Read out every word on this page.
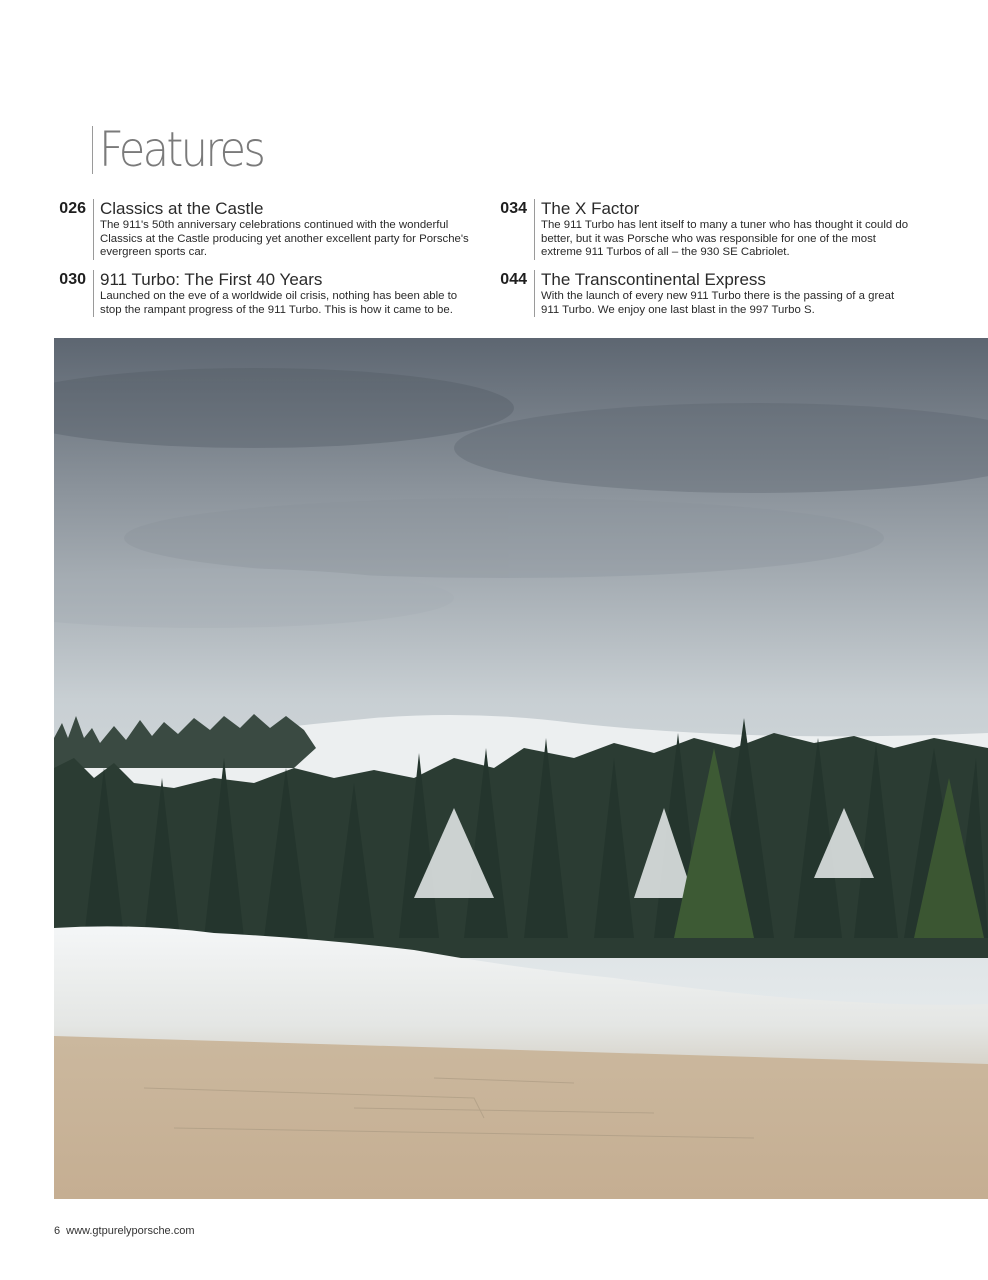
Features
026 Classics at the Castle
The 911's 50th anniversary celebrations continued with the wonderful Classics at the Castle producing yet another excellent party for Porsche's evergreen sports car.
030 911 Turbo: The First 40 Years
Launched on the eve of a worldwide oil crisis, nothing has been able to stop the rampant progress of the 911 Turbo. This is how it came to be.
034 The X Factor
The 911 Turbo has lent itself to many a tuner who has thought it could do better, but it was Porsche who was responsible for one of the most extreme 911 Turbos of all – the 930 SE Cabriolet.
044 The Transcontinental Express
With the launch of every new 911 Turbo there is the passing of a great 911 Turbo. We enjoy one last blast in the 997 Turbo S.
6 www.gtpurelyporsche.com
